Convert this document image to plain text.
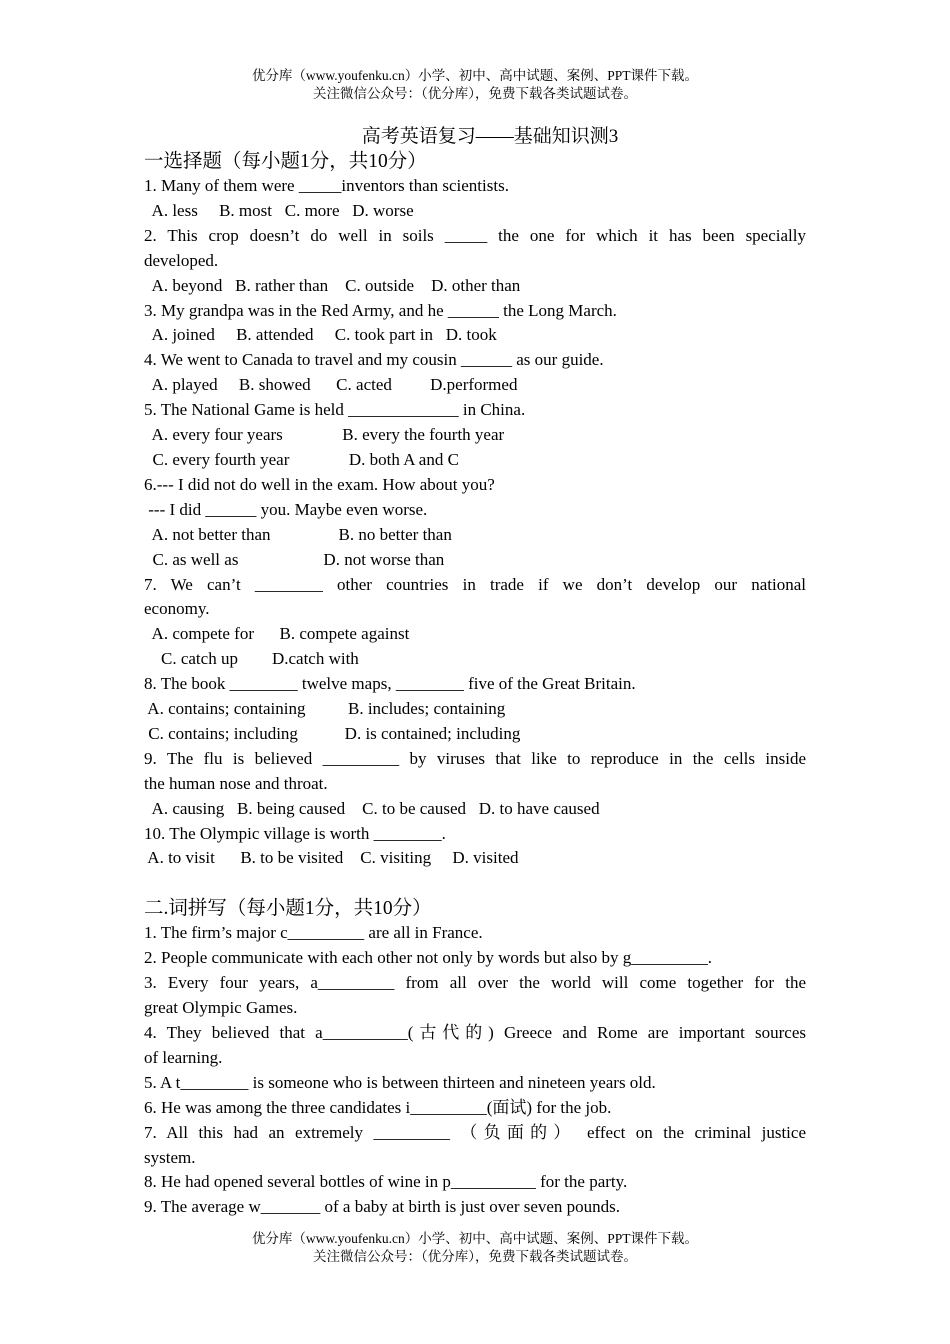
优分库（www.youfenku.cn）小学、初中、高中试题、案例、PPT课件下载。
关注微信公众号：（优分库），免费下载各类试题试卷。
高考英语复习——基础知识测3
一选择题（每小题1分，共10分）
1. Many of them were _____inventors than scientists.
A. less     B. most   C. more   D. worse
2. This crop doesn’t do well in soils _____ the one for which it has been specially
developed.
A. beyond   B. rather than    C. outside    D. other than
3. My grandpa was in the Red Army, and he ______ the Long March.
A. joined     B. attended     C. took part in   D. took
4. We went to Canada to travel and my cousin ______ as our guide.
A. played     B. showed      C. acted         D.performed
5. The National Game is held _____________ in China.
A. every four years              B. every the fourth year
C. every fourth year              D. both A and C
6.--- I did not do well in the exam. How about you?
--- I did ______ you. Maybe even worse.
A. not better than                B. no better than
C. as well as                    D. not worse than
7. We can’t ________ other countries in trade if we don’t develop our national
economy.
A. compete for      B. compete against
C. catch up        D.catch with
8. The book ________ twelve maps, ________ five of the Great Britain.
A. contains; containing          B. includes; containing
C. contains; including           D. is contained; including
9. The flu is believed _________ by viruses that like to reproduce in the cells inside
the human nose and throat.
A. causing   B. being caused    C. to be caused   D. to have caused
10. The Olympic village is worth ________.
A. to visit      B. to be visited    C. visiting     D. visited
二.词拼写（每小题1分，共10分）
1. The firm’s major c_________ are all in France.
2. People communicate with each other not only by words but also by g_________.
3. Every four years, a_________ from all over the world will come together for the
great Olympic Games.
4. They believed that a__________(古代的) Greece and Rome are important sources
of learning.
5. A t________ is someone who is between thirteen and nineteen years old.
6. He was among the three candidates i_________(面试) for the job.
7. All this had an extremely _________ （负面的） effect on the criminal justice
system.
8. He had opened several bottles of wine in p__________ for the party.
9. The average w_______ of a baby at birth is just over seven pounds.
优分库（www.youfenku.cn）小学、初中、高中试题、案例、PPT课件下载。
关注微信公众号：（优分库），免费下载各类试题试卷。
